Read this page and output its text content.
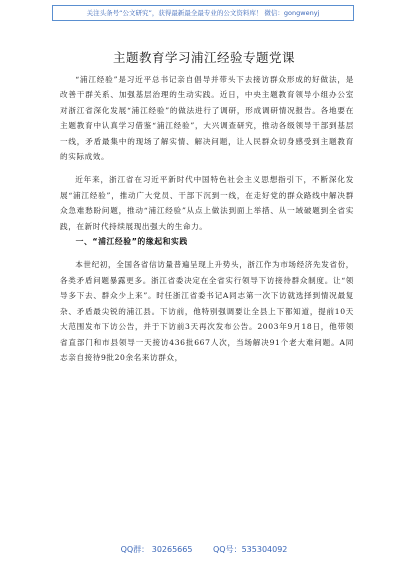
关注头条号“公文研究”，获得最新最全最专业的公文资料库！ 微信：gongwenyj
主题教育学习浦江经验专题党课

“浦江经验”是习近平总书记亲自倡导并带头下去接访群众形成的好做法，是改善干群关系、加强基层治理的生动实践。近日，中央主题教育领导小组办公室对浙江省深化发展“浦江经验”的做法进行了调研，形成调研情况报告。各地要在主题教育中认真学习借鉴“浦江经验”，大兴调查研究，推动各级领导干部到基层一线，矛盾最集中的现场了解实情、解决问题，让人民群众切身感受到主题教育的实际成效。

近年来，浙江省在习近平新时代中国特色社会主义思想指引下，不断深化发展“浦江经验”，推动广大党员、干部下沉到一线，在走好党的群众路线中解决群众急难愁盼问题，推动“浦江经验”从点上做法到面上举措、从一域破题到全省实践，在新时代持续展现出强大的生命力。

一、“浦江经验”的缘起和实践

本世纪初，全国各省信访量普遍呈现上升势头，浙江作为市场经济先发省份，各类矛盾问题暴露更多。浙江省委决定在全省实行领导下访接待群众制度。让“领导多下去、群众少上来”。时任浙江省委书记A同志第一次下访就选择到情况最复杂、矛盾最尖锐的浦江县。下访前，他特别强调要让全县上下都知道，提前10天大范围发布下访公告，并于下访前3天再次发布公告。2003年9月18日，他带领省直部门和市县领导一天接访436批667人次，当场解决91个老大难问题。A同志亲自接待9批20余名来访群众，

QQ群： 30265665	QQ号：535304092
